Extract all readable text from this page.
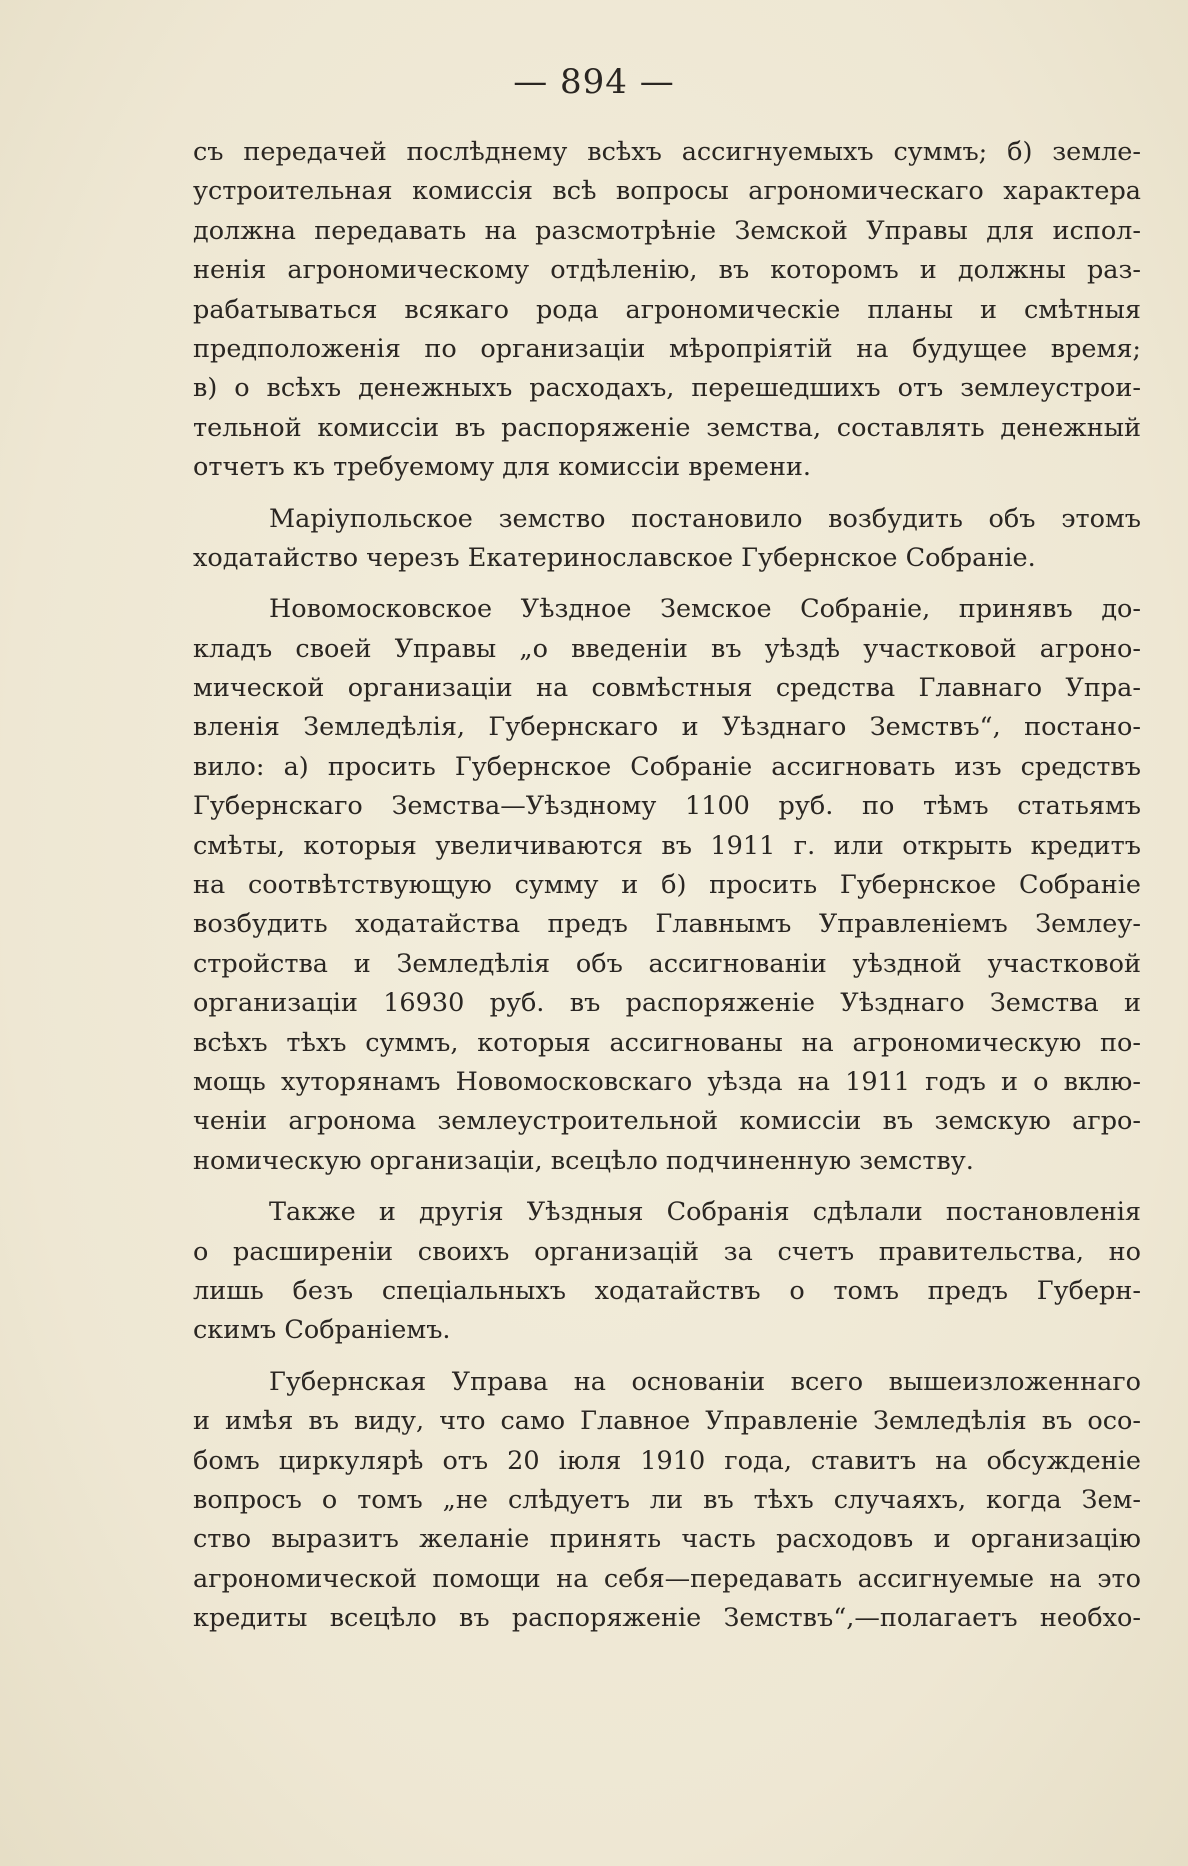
— 894 —
съ передачей послѣднему всѣхъ ассигнуемыхъ суммъ; б) земле-
устроительная комиссія всѣ вопросы агрономическаго характера
должна передавать на разсмотрѣніе Земской Управы для испол-
ненія агрономическому отдѣленію, въ которомъ и должны раз-
рабатываться всякаго рода агрономическіе планы и смѣтныя
предположенія по организаціи мѣропріятій на будущее время;
в) о всѣхъ денежныхъ расходахъ, перешедшихъ отъ землеустрои-
тельной комиссіи въ распоряженіе земства, составлять денежный
отчетъ къ требуемому для комиссіи времени.
Маріупольское земство постановило возбудить объ этомъ
ходатайство черезъ Екатеринославское Губернское Собраніе.
Новомосковское Уѣздное Земское Собраніе, принявъ до-
кладъ своей Управы „о введеніи въ уѣздѣ участковой агроно-
мической организаціи на совмѣстныя средства Главнаго Упра-
вленія Земледѣлія, Губернскаго и Уѣзднаго Земствъ“, постано-
вило: а) просить Губернское Собраніе ассигновать изъ средствъ
Губернскаго Земства—Уѣздному 1100 руб. по тѣмъ статьямъ
смѣты, которыя увеличиваются въ 1911 г. или открыть кредитъ
на соотвѣтствующую сумму и б) просить Губернское Собраніе
возбудить ходатайства предъ Главнымъ Управленіемъ Землеу-
стройства и Земледѣлія объ ассигнованіи уѣздной участковой
организаціи 16930 руб. въ распоряженіе Уѣзднаго Земства и
всѣхъ тѣхъ суммъ, которыя ассигнованы на агрономическую по-
мощь хуторянамъ Новомосковскаго уѣзда на 1911 годъ и о вклю-
ченіи агронома землеустроительной комиссіи въ земскую агро-
номическую организаціи, всецѣло подчиненную земству.
Также и другія Уѣздныя Собранія сдѣлали постановленія
о расширеніи своихъ организацій за счетъ правительства, но
лишь безъ спеціальныхъ ходатайствъ о томъ предъ Губерн-
скимъ Собраніемъ.
Губернская Управа на основаніи всего вышеизложеннаго
и имѣя въ виду, что само Главное Управленіе Земледѣлія въ осо-
бомъ циркулярѣ отъ 20 іюля 1910 года, ставитъ на обсужденіе
вопросъ о томъ „не слѣдуетъ ли въ тѣхъ случаяхъ, когда Зем-
ство выразитъ желаніе принять часть расходовъ и организацію
агрономической помощи на себя—передавать ассигнуемые на это
кредиты всецѣло въ распоряженіе Земствъ“,—полагаетъ необхо-
